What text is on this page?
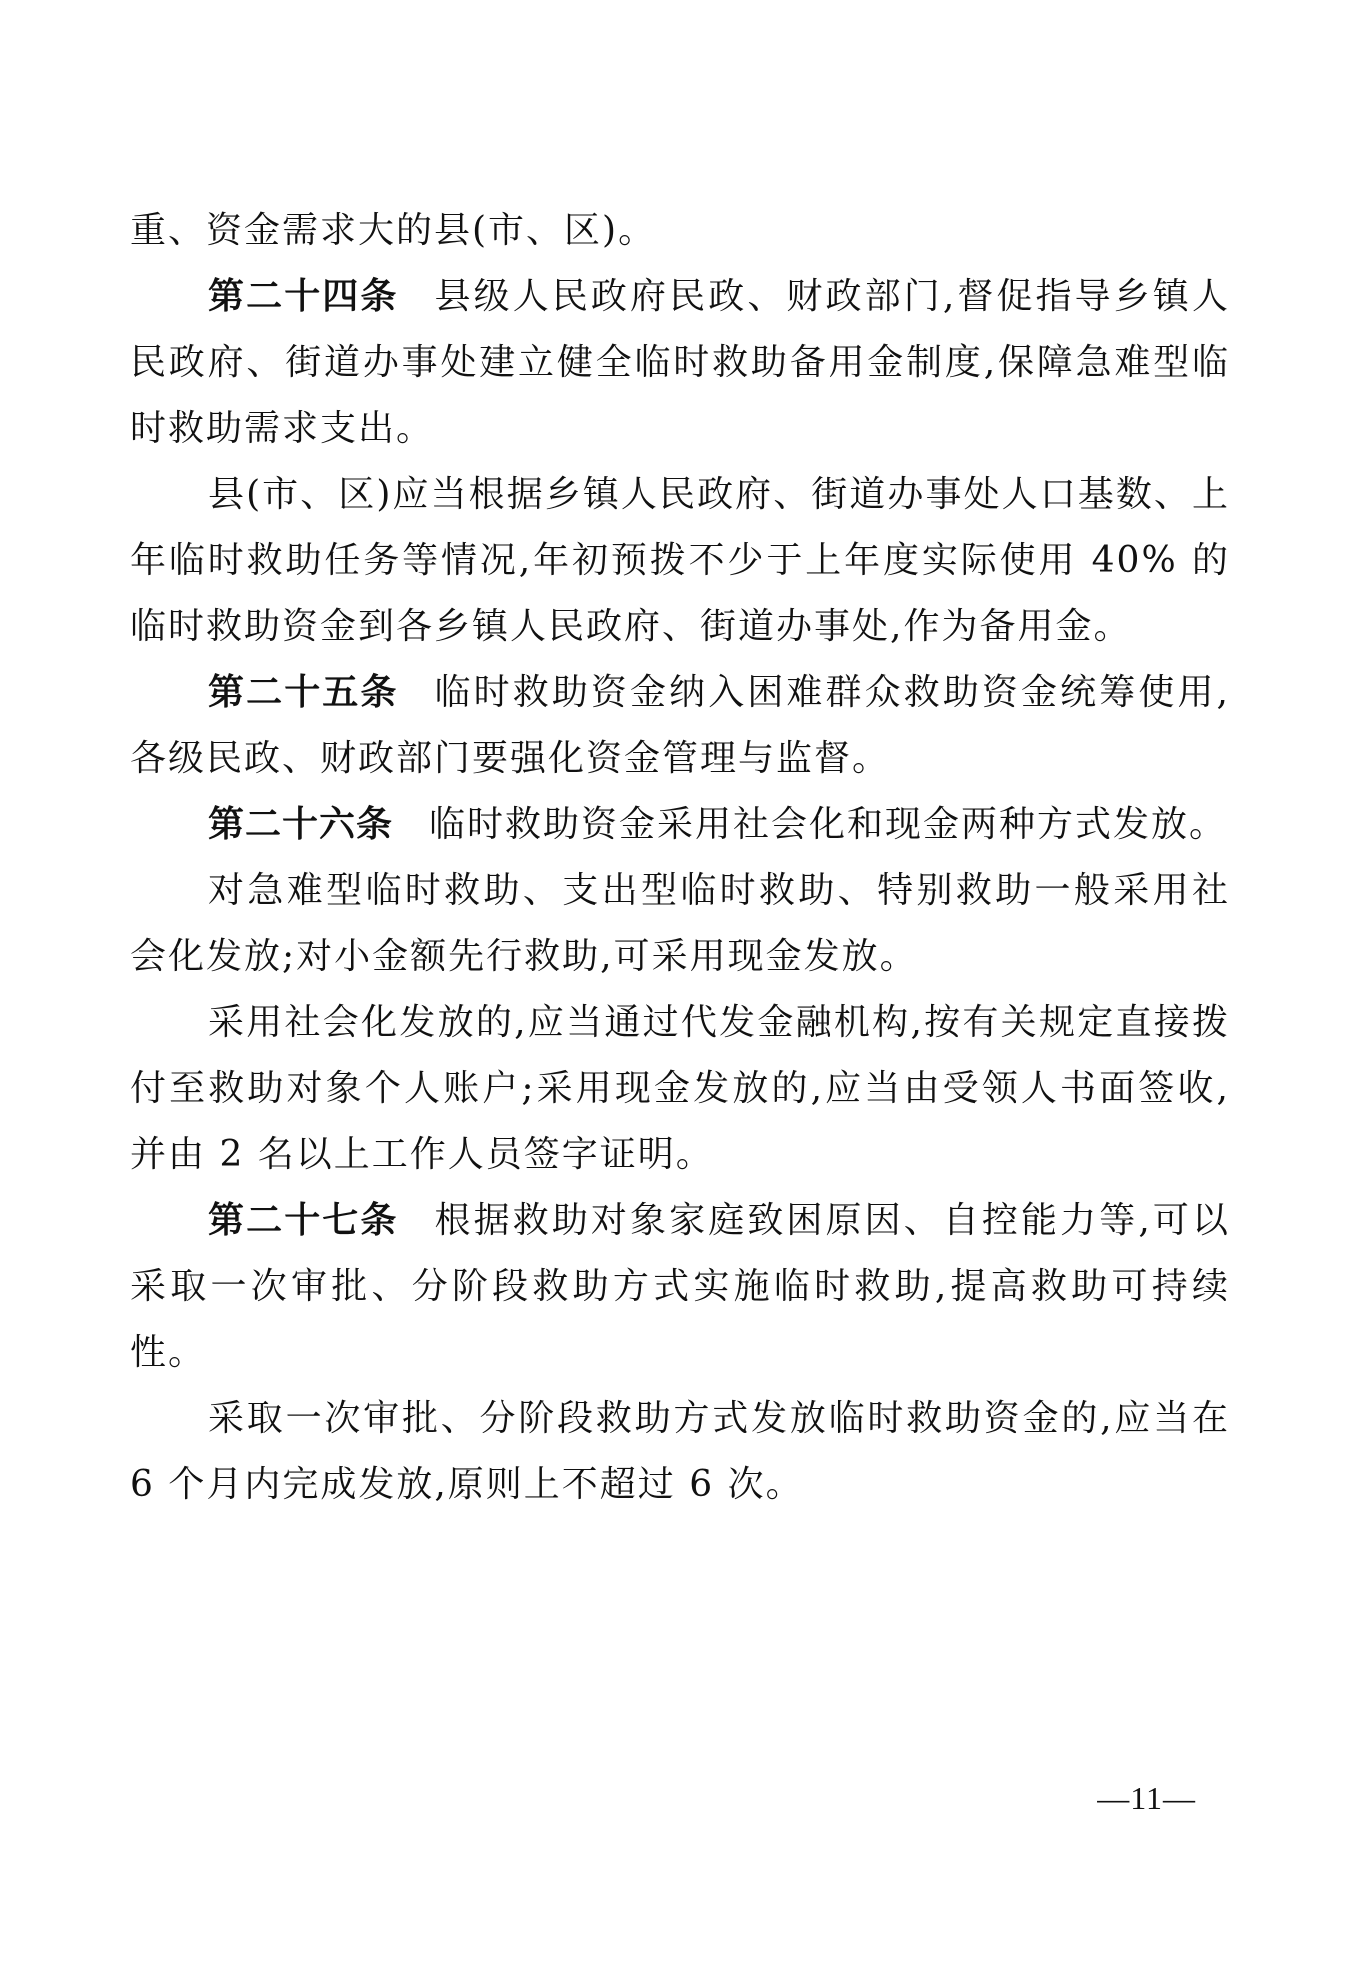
重、资金需求大的县(市、区)。

第二十四条 县级人民政府民政、财政部门,督促指导乡镇人民政府、街道办事处建立健全临时救助备用金制度,保障急难型临时救助需求支出。

县(市、区)应当根据乡镇人民政府、街道办事处人口基数、上年临时救助任务等情况,年初预拨不少于上年度实际使用 40% 的临时救助资金到各乡镇人民政府、街道办事处,作为备用金。

第二十五条 临时救助资金纳入困难群众救助资金统筹使用,各级民政、财政部门要强化资金管理与监督。

第二十六条 临时救助资金采用社会化和现金两种方式发放。

对急难型临时救助、支出型临时救助、特别救助一般采用社会化发放;对小金额先行救助,可采用现金发放。

采用社会化发放的,应当通过代发金融机构,按有关规定直接拨付至救助对象个人账户;采用现金发放的,应当由受领人书面签收,并由 2 名以上工作人员签字证明。

第二十七条 根据救助对象家庭致困原因、自控能力等,可以采取一次审批、分阶段救助方式实施临时救助,提高救助可持续性。

采取一次审批、分阶段救助方式发放临时救助资金的,应当在 6 个月内完成发放,原则上不超过 6 次。

—11—
